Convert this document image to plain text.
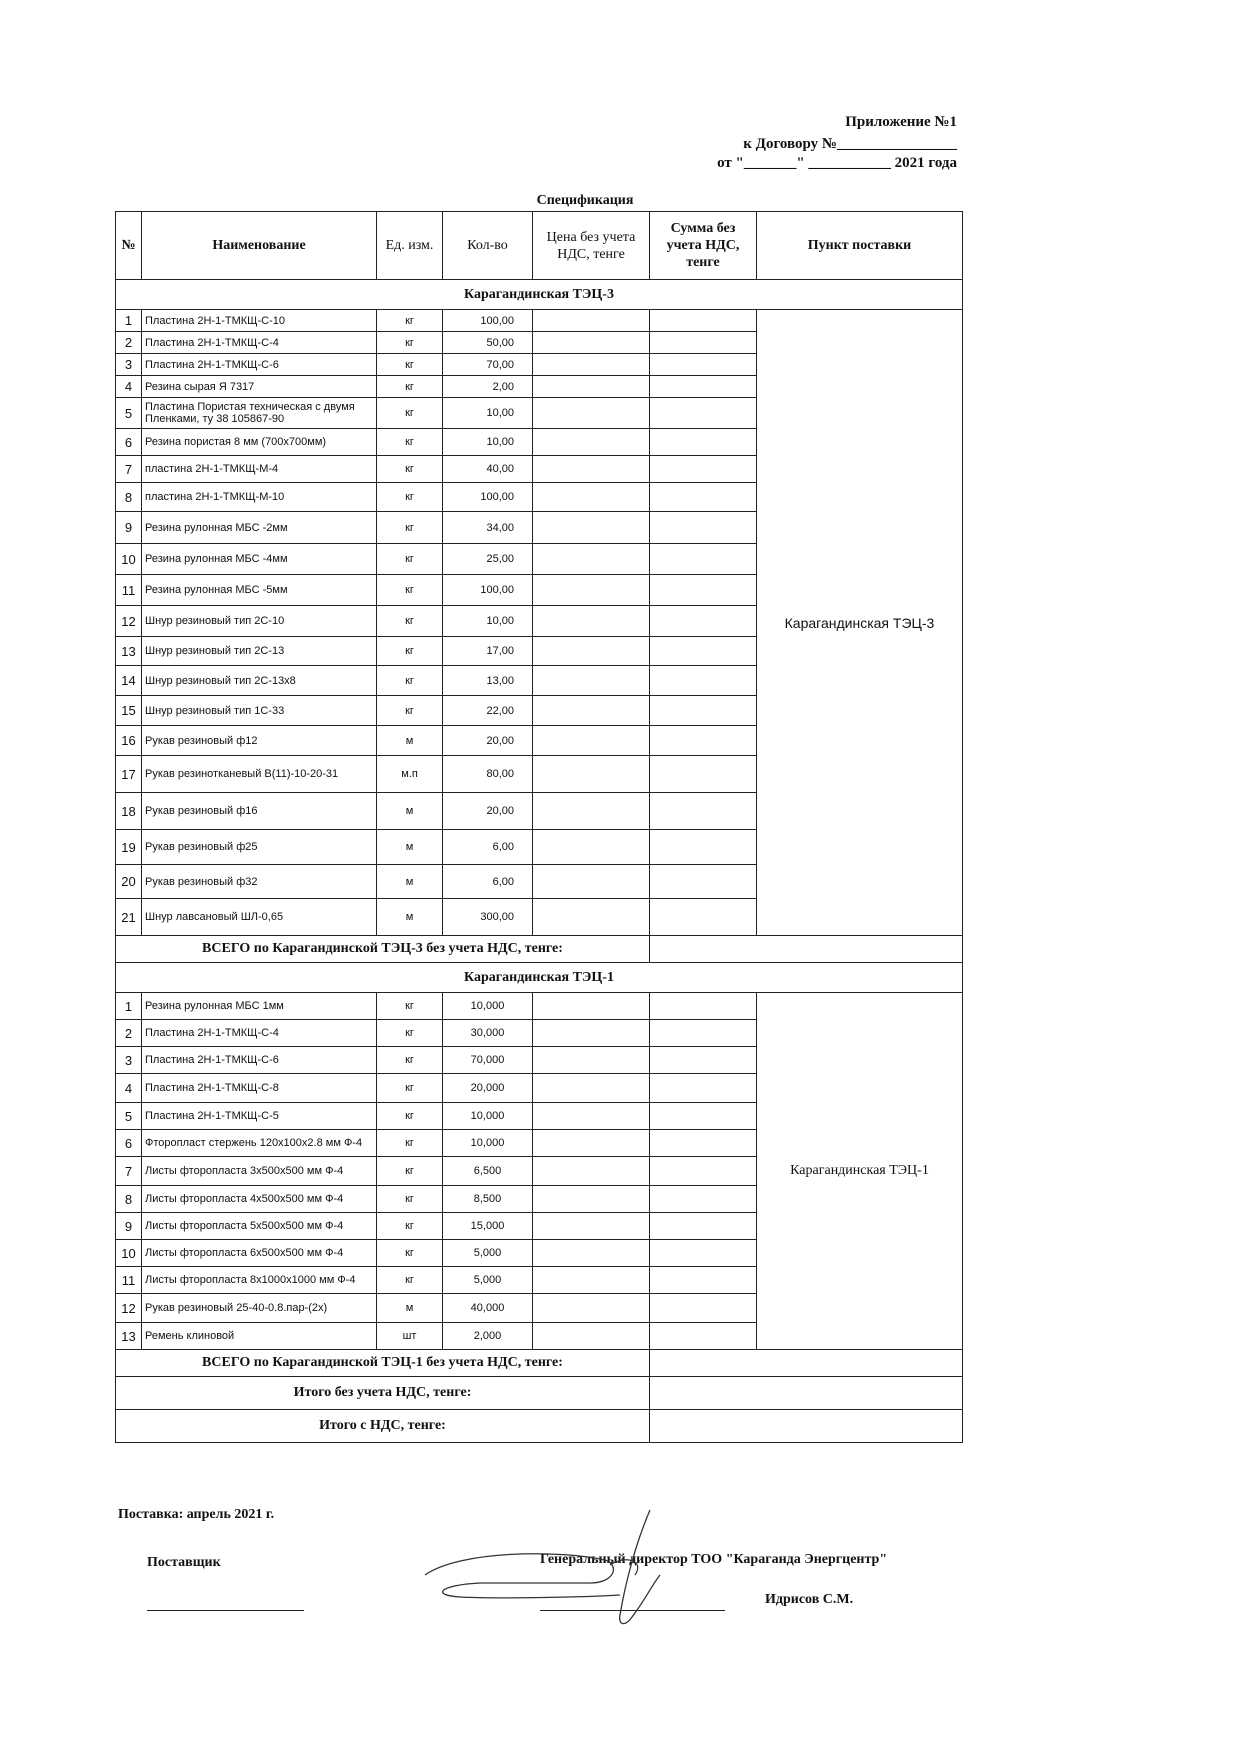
Приложение №1
к Договору №________________
от "_______" ___________ 2021 года
Спецификация
№	Наименование	Ед. изм.	Кол-во	Цена без учета НДС, тенге	Сумма без учета НДС, тенге	Пункт поставки
Карагандинская ТЭЦ-3						
1	Пластина 2Н-1-ТМКЩ-С-10	кг	100,00			Карагандинская ТЭЦ-3
2	Пластина 2Н-1-ТМКЩ-С-4	кг	50,00			
3	Пластина 2Н-1-ТМКЩ-С-6	кг	70,00			
4	Резина сырая Я 7317	кг	2,00			
5	Пластина Пористая техническая с двумя Пленками, ту 38 105867-90	кг	10,00			
6	Резина пористая 8 мм (700х700мм)	кг	10,00			
7	пластина 2Н-1-ТМКЩ-М-4	кг	40,00			
8	пластина 2Н-1-ТМКЩ-М-10	кг	100,00			
9	Резина рулонная МБС -2мм	кг	34,00			
10	Резина рулонная МБС -4мм	кг	25,00			
11	Резина рулонная МБС -5мм	кг	100,00			
12	Шнур резиновый тип 2С-10	кг	10,00			
13	Шнур резиновый тип 2С-13	кг	17,00			
14	Шнур резиновый тип 2С-13х8	кг	13,00			
15	Шнур резиновый тип 1С-33	кг	22,00			
16	Рукав резиновый ф12	м	20,00			
17	Рукав резинотканевый В(11)-10-20-31	м.п	80,00			
18	Рукав резиновый ф16	м	20,00			
19	Рукав резиновый ф25	м	6,00			
20	Рукав резиновый ф32	м	6,00			
21	Шнур лавсановый ШЛ-0,65	м	300,00			
ВСЕГО по Карагандинской ТЭЦ-3 без учета НДС, тенге:						
Карагандинская ТЭЦ-1						
1	Резина рулонная МБС 1мм	кг	10,000			Карагандинская ТЭЦ-1
2	Пластина 2Н-1-ТМКЩ-С-4	кг	30,000			
3	Пластина 2Н-1-ТМКЩ-С-6	кг	70,000			
4	Пластина 2Н-1-ТМКЩ-С-8	кг	20,000			
5	Пластина 2Н-1-ТМКЩ-С-5	кг	10,000			
6	Фторопласт стержень 120х100х2.8 мм Ф-4	кг	10,000			
7	Листы фторопласта 3х500х500 мм Ф-4	кг	6,500			
8	Листы фторопласта 4х500х500 мм Ф-4	кг	8,500			
9	Листы фторопласта 5х500х500 мм Ф-4	кг	15,000			
10	Листы фторопласта 6х500х500 мм Ф-4	кг	5,000			
11	Листы фторопласта 8х1000х1000 мм Ф-4	кг	5,000			
12	Рукав резиновый 25-40-0.8.пар-(2х)	м	40,000			
13	Ремень клиновой	шт	2,000			
ВСЕГО по Карагандинской ТЭЦ-1 без учета НДС, тенге:						
Итого без учета НДС, тенге:						
Итого с НДС, тенге:						
Поставка: апрель 2021 г.
Поставщик	Генеральный директор ТОО "Караганда Энергцентр"
Идрисов С.М.
